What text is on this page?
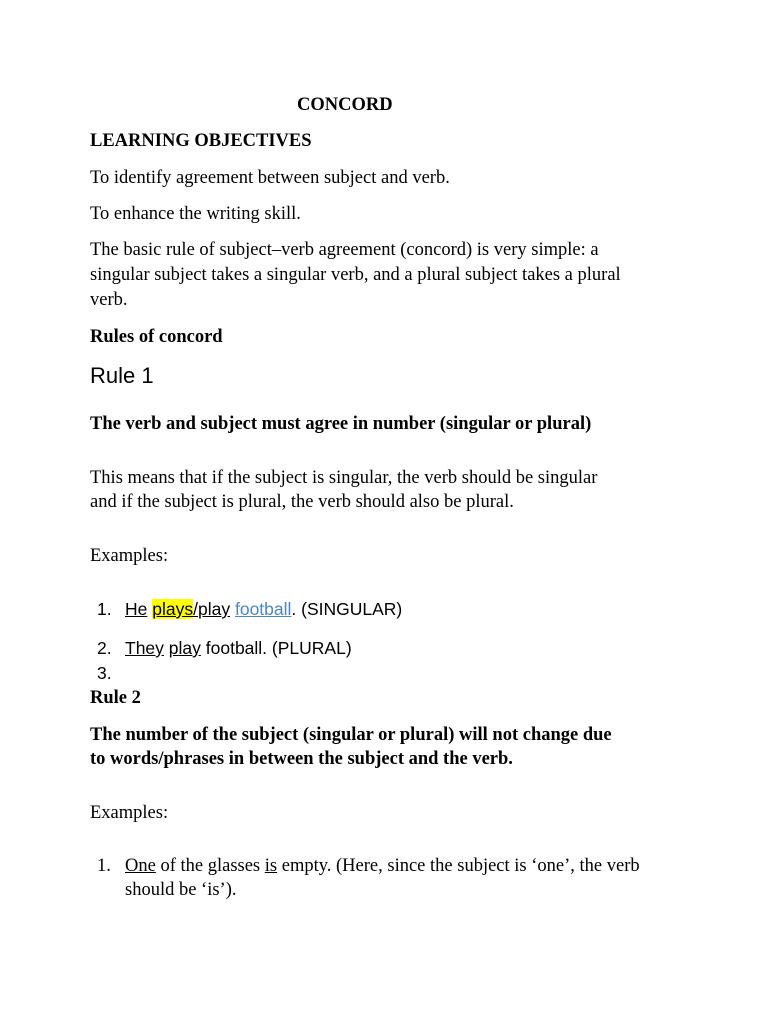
CONCORD

LEARNING OBJECTIVES

To identify agreement between subject and verb.

To enhance the writing skill.

The basic rule of subject–verb agreement (concord) is very simple: a

singular subject takes a singular verb, and a plural subject takes a plural

verb.

Rules of concord

Rule 1

The verb and subject must agree in number (singular or plural)

This means that if the subject is singular, the verb should be singular

and if the subject is plural, the verb should also be plural.

Examples:

1. He plays/play football. (SINGULAR)

2. They play football. (PLURAL)

3.

Rule 2

The number of the subject (singular or plural) will not change due

to words/phrases in between the subject and the verb.

Examples:

1. One of the glasses is empty. (Here, since the subject is ‘one’, the verb

should be ‘is’).
